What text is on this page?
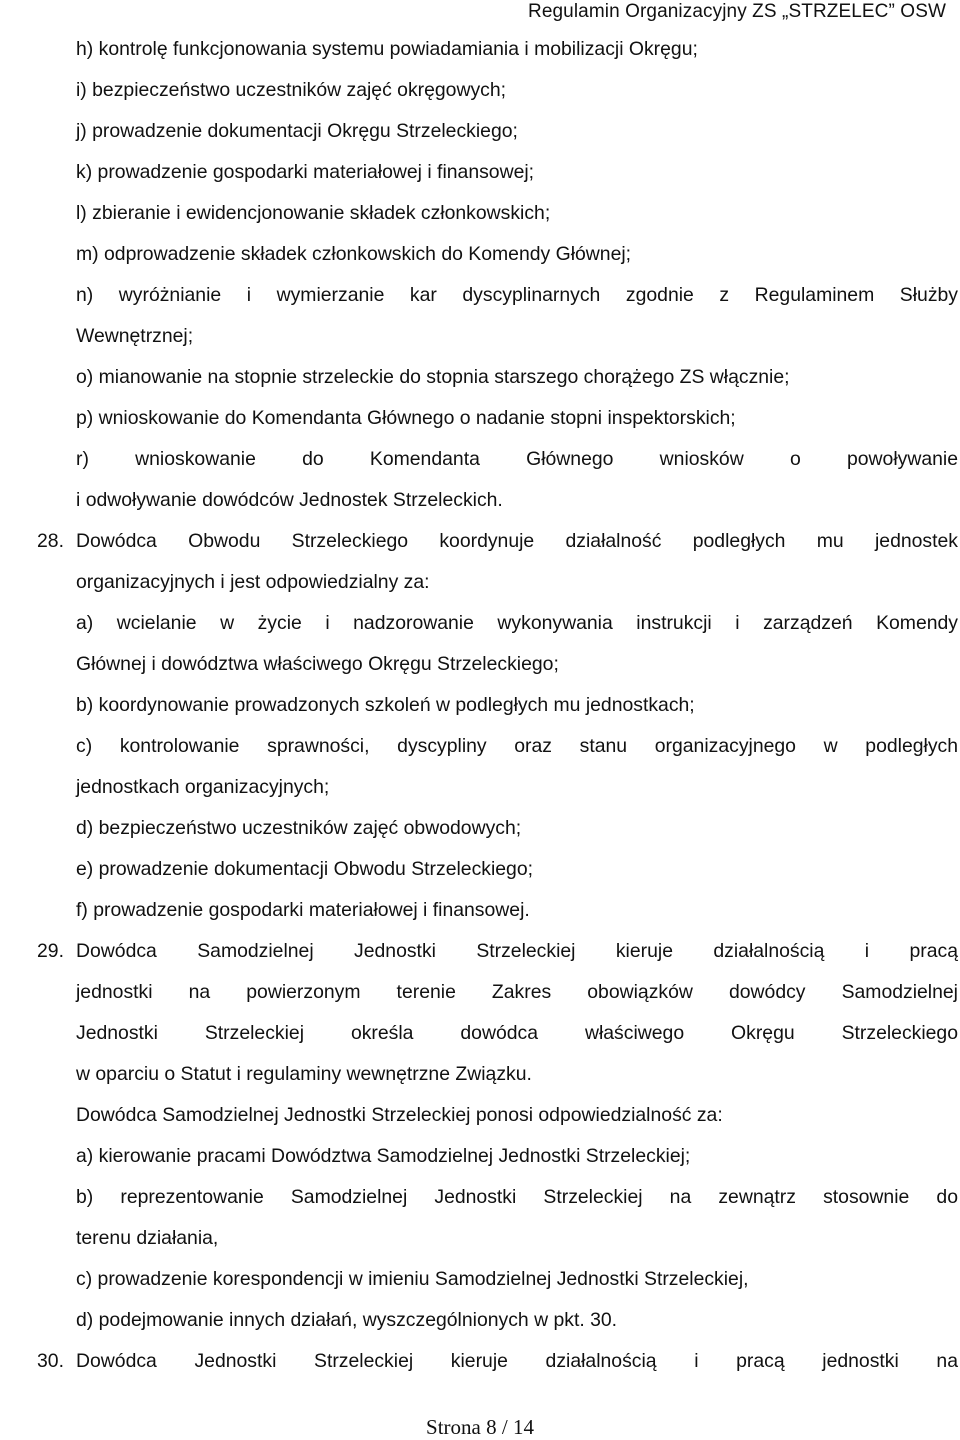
Regulamin Organizacyjny ZS „STRZELEC” OSW
h) kontrolę funkcjonowania systemu powiadamiania i mobilizacji Okręgu;
i) bezpieczeństwo uczestników zajęć okręgowych;
j) prowadzenie dokumentacji Okręgu Strzeleckiego;
k) prowadzenie gospodarki materiałowej i finansowej;
l) zbieranie i ewidencjonowanie składek członkowskich;
m) odprowadzenie składek członkowskich do Komendy Głównej;
n) wyróżnianie i wymierzanie kar dyscyplinarnych zgodnie z Regulaminem Służby
Wewnętrznej;
o) mianowanie na stopnie strzeleckie do stopnia starszego chorążego ZS włącznie;
p) wnioskowanie do Komendanta Głównego o nadanie stopni inspektorskich;
r) wnioskowanie do Komendanta Głównego wniosków o powoływanie
i odwoływanie dowódców Jednostek Strzeleckich.
28. Dowódca Obwodu Strzeleckiego koordynuje działalność podległych mu jednostek
organizacyjnych i jest odpowiedzialny za:
a) wcielanie w życie i nadzorowanie wykonywania instrukcji i zarządzeń Komendy
Głównej i dowództwa właściwego Okręgu Strzeleckiego;
b) koordynowanie prowadzonych szkoleń w podległych mu jednostkach;
c) kontrolowanie sprawności, dyscypliny oraz stanu organizacyjnego w podległych
jednostkach organizacyjnych;
d) bezpieczeństwo uczestników zajęć obwodowych;
e) prowadzenie dokumentacji Obwodu Strzeleckiego;
f) prowadzenie gospodarki materiałowej i finansowej.
29. Dowódca Samodzielnej Jednostki Strzeleckiej kieruje działalnością i pracą
jednostki na powierzonym terenie Zakres obowiązków dowódcy Samodzielnej
Jednostki Strzeleckiej określa dowódca właściwego Okręgu Strzeleckiego
w oparciu o Statut i regulaminy wewnętrzne Związku.
Dowódca Samodzielnej Jednostki Strzeleckiej ponosi odpowiedzialność za:
a) kierowanie pracami Dowództwa Samodzielnej Jednostki Strzeleckiej;
b) reprezentowanie Samodzielnej Jednostki Strzeleckiej na zewnątrz stosownie do
terenu działania,
c) prowadzenie korespondencji w imieniu Samodzielnej Jednostki Strzeleckiej,
d) podejmowanie innych działań, wyszczególnionych w pkt. 30.
30. Dowódca Jednostki Strzeleckiej kieruje działalnością i pracą jednostki na
Strona 8 / 14
